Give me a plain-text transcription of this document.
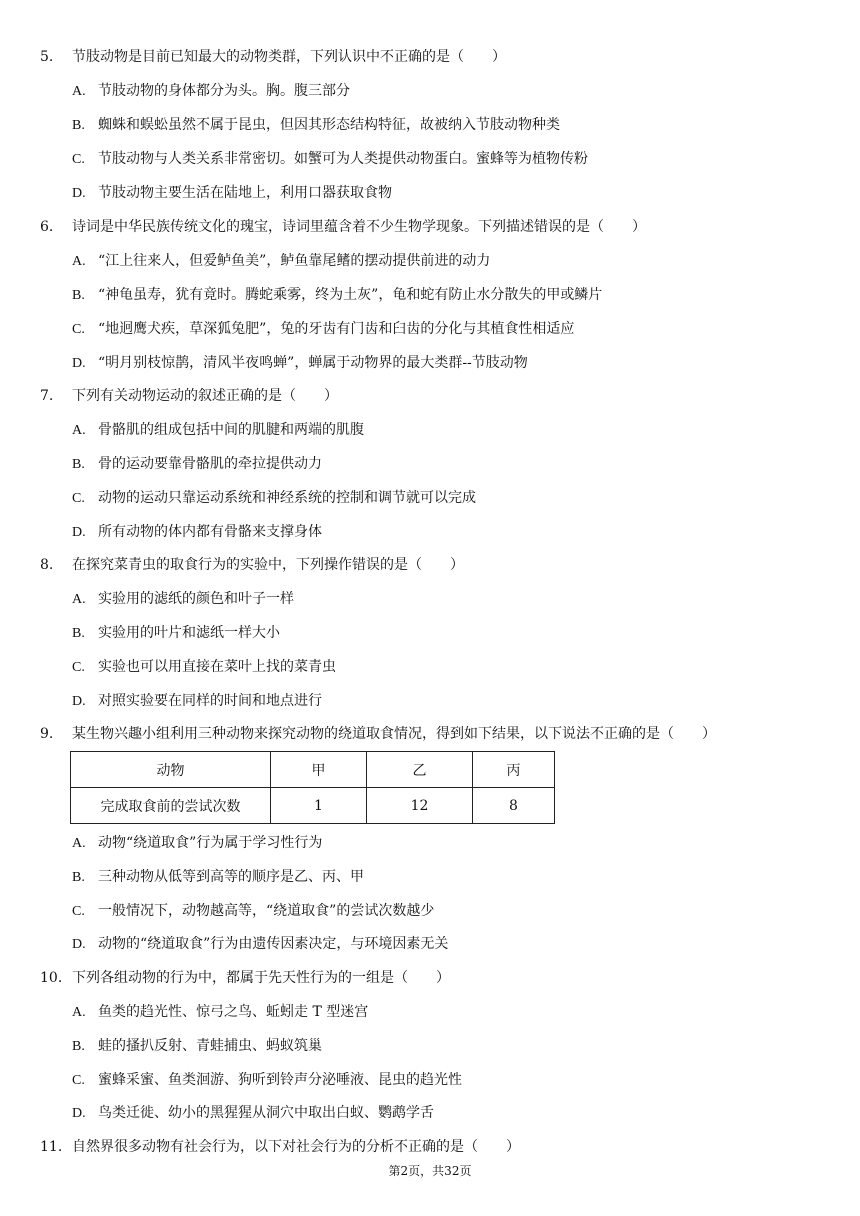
5. 节肢动物是目前已知最大的动物类群，下列认识中不正确的是（　　）
A. 节肢动物的身体都分为头。胸。腹三部分
B. 蜘蛛和蜈蚣虽然不属于昆虫，但因其形态结构特征，故被纳入节肢动物种类
C. 节肢动物与人类关系非常密切。如蟹可为人类提供动物蛋白。蜜蜂等为植物传粉
D. 节肢动物主要生活在陆地上，利用口器获取食物
6. 诗词是中华民族传统文化的瑰宝，诗词里蕴含着不少生物学现象。下列描述错误的是（　　）
A. “江上往来人，但爱鲈鱼美”，鲈鱼靠尾鳍的摆动提供前进的动力
B. “神龟虽寿，犹有竟时。腾蛇乘雾，终为土灰”，龟和蛇有防止水分散失的甲或鳞片
C. “地迥鹰犬疾，草深狐兔肥”，兔的牙齿有门齿和臼齿的分化与其植食性相适应
D. “明月别枝惊鹊，清风半夜鸣蝉”，蝉属于动物界的最大类群--节肢动物
7. 下列有关动物运动的叙述正确的是（　　）
A. 骨骼肌的组成包括中间的肌腱和两端的肌腹
B. 骨的运动要靠骨骼肌的牵拉提供动力
C. 动物的运动只靠运动系统和神经系统的控制和调节就可以完成
D. 所有动物的体内都有骨骼来支撑身体
8. 在探究菜青虫的取食行为的实验中，下列操作错误的是（　　）
A. 实验用的滤纸的颜色和叶子一样
B. 实验用的叶片和滤纸一样大小
C. 实验也可以用直接在菜叶上找的菜青虫
D. 对照实验要在同样的时间和地点进行
9. 某生物兴趣小组利用三种动物来探究动物的绕道取食情况，得到如下结果，以下说法不正确的是（　　）
动物	甲	乙	丙
完成取食前的尝试次数	1	12	8
A. 动物“绕道取食”行为属于学习性行为
B. 三种动物从低等到高等的顺序是乙、丙、甲
C. 一般情况下，动物越高等，“绕道取食”的尝试次数越少
D. 动物的“绕道取食”行为由遗传因素决定，与环境因素无关
10. 下列各组动物的行为中，都属于先天性行为的一组是（　　）
A. 鱼类的趋光性、惊弓之鸟、蚯蚓走 T 型迷宫
B. 蛙的搔扒反射、青蛙捕虫、蚂蚁筑巢
C. 蜜蜂采蜜、鱼类洄游、狗听到铃声分泌唾液、昆虫的趋光性
D. 鸟类迁徙、幼小的黑猩猩从洞穴中取出白蚁、鹦鹉学舌
11. 自然界很多动物有社会行为，以下对社会行为的分析不正确的是（　　）
第2页，共32页
